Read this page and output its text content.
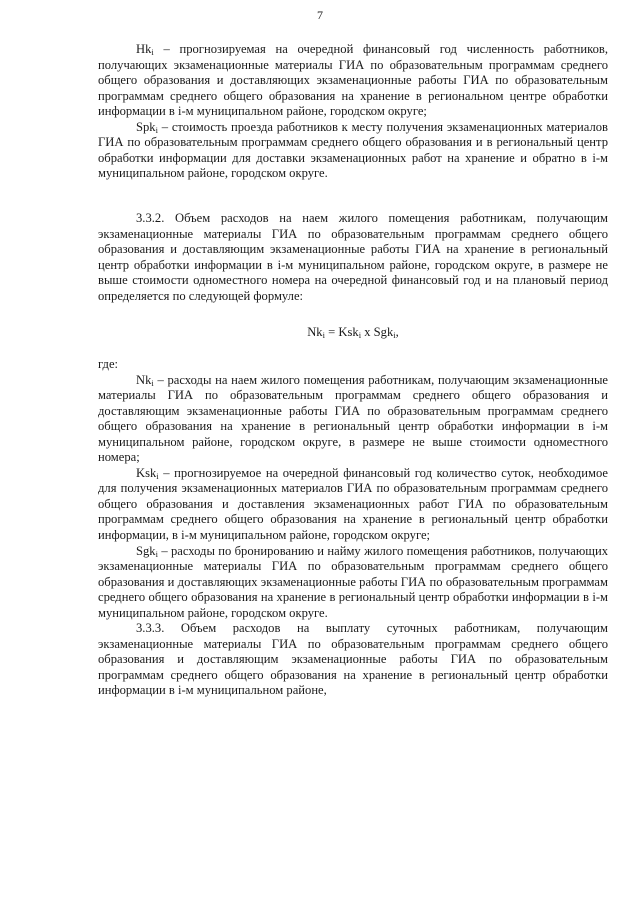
7

$Hk_i$ – прогнозируемая на очередной финансовый год численность работников, получающих экзаменационные материалы ГИА по образовательным программам среднего общего образования и доставляющих экзаменационные работы ГИА по образовательным программам среднего общего образования на хранение в региональном центре обработки информации в i-м муниципальном районе, городском округе;

Spk$_i$ – стоимость проезда работников к месту получения экзаменационных материалов ГИА по образовательным программам среднего общего образования и в региональный центр обработки информации для доставки экзаменационных работ на хранение и обратно в i-м муниципальном районе, городском округе.

3.3.2. Объем расходов на наем жилого помещения работникам, получающим экзаменационные материалы ГИА по образовательным программам среднего общего образования и доставляющим экзаменационные работы ГИА на хранение в региональный центр обработки информации в i-м муниципальном районе, городском округе, в размере не выше стоимости одноместного номера на очередной финансовый год и на плановый период определяется по следующей формуле:

$Nk_i = Ksk_i$ x Sgk$_i$,

где:

$Nk_i$ – расходы на наем жилого помещения работникам, получающим экзаменационные материалы ГИА по образовательным программам среднего общего образования и доставляющим экзаменационные работы ГИА по образовательным программам среднего общего образования на хранение в региональный центр обработки информации в i-м муниципальном районе, городском округе, в размере не выше стоимости одноместного номера;

Ksk$_i$ – прогнозируемое на очередной финансовый год количество суток, необходимое для получения экзаменационных материалов ГИА по образовательным программам среднего общего образования и доставления экзаменационных работ ГИА по образовательным программам среднего общего образования на хранение в региональный центр обработки информации, в i-м муниципальном районе, городском округе;

Sgk$_i$ – расходы по бронированию и найму жилого помещения работников, получающих экзаменационные материалы ГИА по образовательным программам среднего общего образования и доставляющих экзаменационные работы ГИА по образовательным программам среднего общего образования на хранение в региональный центр обработки информации в i-м муниципальном районе, городском округе.

3.3.3. Объем расходов на выплату суточных работникам, получающим экзаменационные материалы ГИА по образовательным программам среднего общего образования и доставляющим экзаменационные работы ГИА по образовательным программам среднего общего образования на хранение в региональный центр обработки информации в i-м муниципальном районе,
